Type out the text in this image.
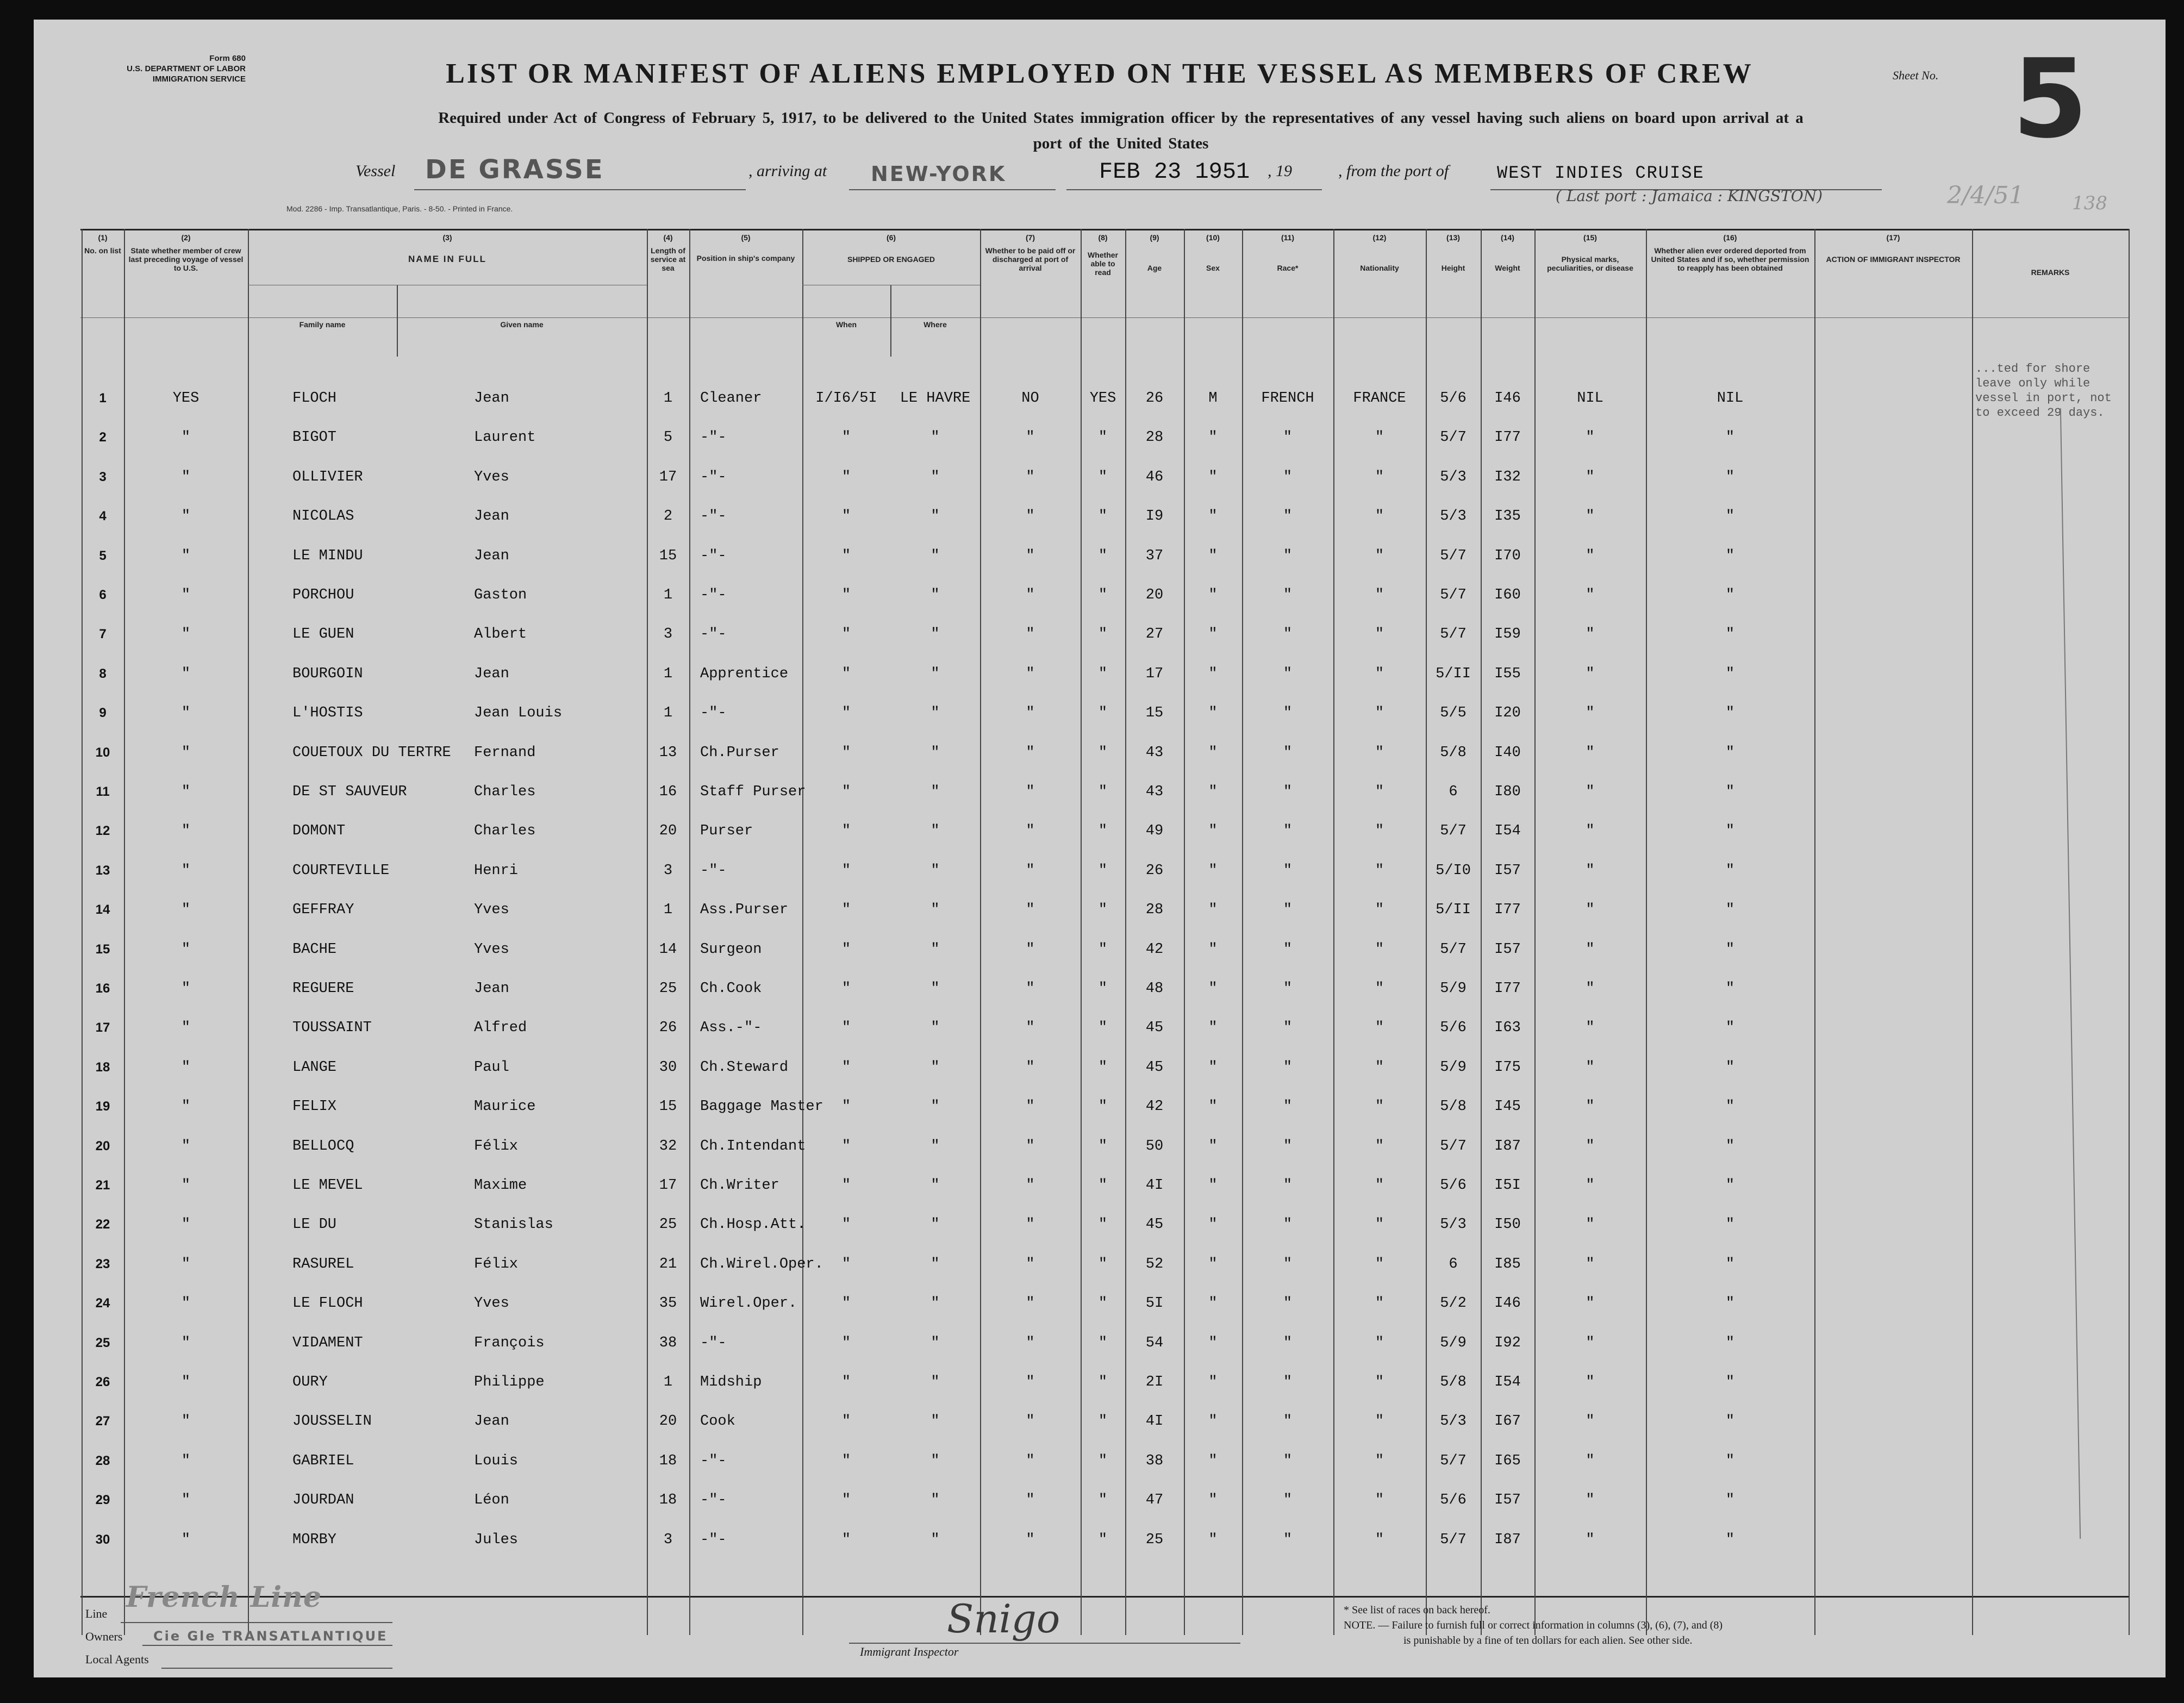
Form 680
U.S. DEPARTMENT OF LABOR
IMMIGRATION SERVICE	LIST OR MANIFEST OF ALIENS EMPLOYED ON THE VESSEL AS MEMBERS OF CREW	Sheet No. 5
Required under Act of Congress of February 5, 1917, to be delivered to the United States immigration officer by the representatives of any vessel having such aliens on board upon arrival at a
port of the United States
Vessel DE GRASSE	, arriving at NEW-YORK	FEB 23 1951 , 19	, from the port of	WEST INDIES CRUISE
( Last port : Jamaica : KINGSTON)	2/4/51	138
Mod. 2286 - Imp. Transatlantique, Paris. - 8-50. - Printed in France.
(1)
No. on list
(2)
State whether member of crew last preceding voyage of vessel to U.S.
(3)
NAME IN FULL
Family name	Given name
(4)
Length of service at sea
(5)
Position in ship's company
(6)
SHIPPED OR ENGAGED
When	Where
(7)
Whether to be paid off or discharged at port of arrival
(8)
Whether able to read
(9)
Age
(10)
Sex
(11)
Race*
(12)
Nationality
(13)
Height
(14)
Weight
(15)
Physical marks, peculiarities, or disease
(16)
Whether alien ever ordered deported from United States and if so, whether permission to reapply has been obtained
(17)
ACTION OF IMMIGRANT INSPECTOR
REMARKS
...ted for shore leave only while vessel in port, not to exceed 29 days.
1	YES	FLOCH	Jean	1	Cleaner	I/I6/5I	LE HAVRE	NO	YES	26	M	FRENCH	FRANCE	5/6	I46	NIL	NIL
2	"	BIGOT	Laurent	5	-"-	"	"	"	"	28	"	"	"	5/7	I77	"	"
3	"	OLLIVIER	Yves	17	-"-	"	"	"	"	46	"	"	"	5/3	I32	"	"
4	"	NICOLAS	Jean	2	-"-	"	"	"	"	I9	"	"	"	5/3	I35	"	"
5	"	LE MINDU	Jean	15	-"-	"	"	"	"	37	"	"	"	5/7	I70	"	"
6	"	PORCHOU	Gaston	1	-"-	"	"	"	"	20	"	"	"	5/7	I60	"	"
7	"	LE GUEN	Albert	3	-"-	"	"	"	"	27	"	"	"	5/7	I59	"	"
8	"	BOURGOIN	Jean	1	Apprentice	"	"	"	"	17	"	"	"	5/II	I55	"	"
9	"	L'HOSTIS	Jean Louis	1	-"-	"	"	"	"	15	"	"	"	5/5	I20	"	"
10	"	COUETOUX DU TERTRE	Fernand	13	Ch.Purser	"	"	"	"	43	"	"	"	5/8	I40	"	"
11	"	DE ST SAUVEUR	Charles	16	Staff Purser	"	"	"	"	43	"	"	"	6	I80	"	"
12	"	DOMONT	Charles	20	Purser	"	"	"	"	49	"	"	"	5/7	I54	"	"
13	"	COURTEVILLE	Henri	3	-"-	"	"	"	"	26	"	"	"	5/I0	I57	"	"
14	"	GEFFRAY	Yves	1	Ass.Purser	"	"	"	"	28	"	"	"	5/II	I77	"	"
15	"	BACHE	Yves	14	Surgeon	"	"	"	"	42	"	"	"	5/7	I57	"	"
16	"	REGUERE	Jean	25	Ch.Cook	"	"	"	"	48	"	"	"	5/9	I77	"	"
17	"	TOUSSAINT	Alfred	26	Ass.-"-	"	"	"	"	45	"	"	"	5/6	I63	"	"
18	"	LANGE	Paul	30	Ch.Steward	"	"	"	"	45	"	"	"	5/9	I75	"	"
19	"	FELIX	Maurice	15	Baggage Master	"	"	"	"	42	"	"	"	5/8	I45	"	"
20	"	BELLOCQ	Félix	32	Ch.Intendant	"	"	"	"	50	"	"	"	5/7	I87	"	"
21	"	LE MEVEL	Maxime	17	Ch.Writer	"	"	"	"	4I	"	"	"	5/6	I5I	"	"
22	"	LE DU	Stanislas	25	Ch.Hosp.Att.	"	"	"	"	45	"	"	"	5/3	I50	"	"
23	"	RASUREL	Félix	21	Ch.Wirel.Oper.	"	"	"	"	52	"	"	"	6	I85	"	"
24	"	LE FLOCH	Yves	35	Wirel.Oper.	"	"	"	"	5I	"	"	"	5/2	I46	"	"
25	"	VIDAMENT	François	38	-"-	"	"	"	"	54	"	"	"	5/9	I92	"	"
26	"	OURY	Philippe	1	Midship	"	"	"	"	2I	"	"	"	5/8	I54	"	"
27	"	JOUSSELIN	Jean	20	Cook	"	"	"	"	4I	"	"	"	5/3	I67	"	"
28	"	GABRIEL	Louis	18	-"-	"	"	"	"	38	"	"	"	5/7	I65	"	"
29	"	JOURDAN	Léon	18	-"-	"	"	"	"	47	"	"	"	5/6	I57	"	"
30	"	MORBY	Jules	3	-"-	"	"	"	"	25	"	"	"	5/7	I87	"	"
Line French Line
Owners Cie Gle TRANSATLANTIQUE
Local Agents
Snigo
Immigrant Inspector
* See list of races on back hereof.
NOTE. — Failure to furnish full or correct information in columns (3), (6), (7), and (8)
is punishable by a fine of ten dollars for each alien. See other side.
